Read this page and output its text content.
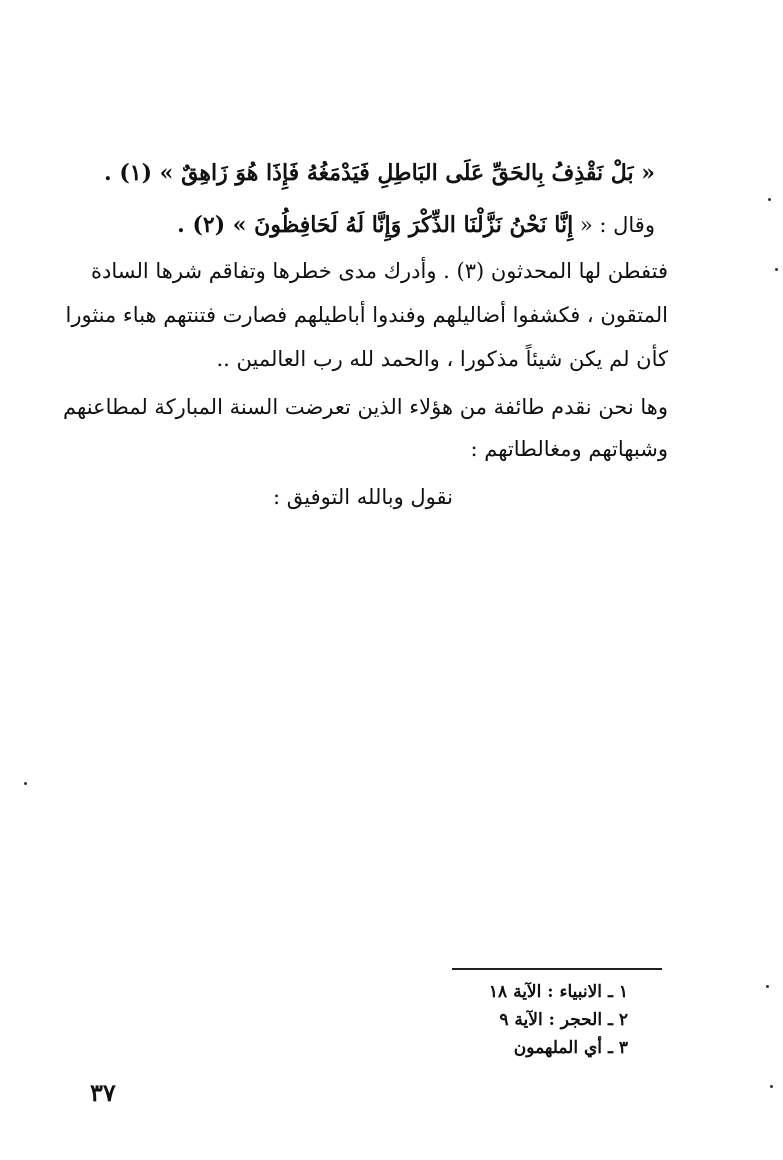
« بَلْ نَقْذِفُ بِالحَقِّ عَلَى البَاطِلِ فَيَدْمَغُهُ فَإِذَا هُوَ زَاهِقٌ » (١) .
وقال : « إِنَّا نَحْنُ نَزَّلْنَا الذِّكْرَ وَإِنَّا لَهُ لَحَافِظُونَ » (٢) .
فتفطن لها المحدثون (٣) . وأدرك مدى خطرها وتفاقم شرها السادة
المتقون ، فكشفوا أضاليلهم وفندوا أباطيلهم فصارت فتنتهم هباء منثورا
كأن لم يكن شيئاً مذكورا ، والحمد لله رب العالمين ..
وها نحن نقدم طائفة من هؤلاء الذين تعرضت السنة المباركة لمطاعنهم
وشبهاتهم ومغالطاتهم :
نقول وبالله التوفيق :
١ ـ الانبياء : الآية ١٨
٢ ـ الحجر : الآية ٩
٣ ـ أي الملهمون
٣٧
